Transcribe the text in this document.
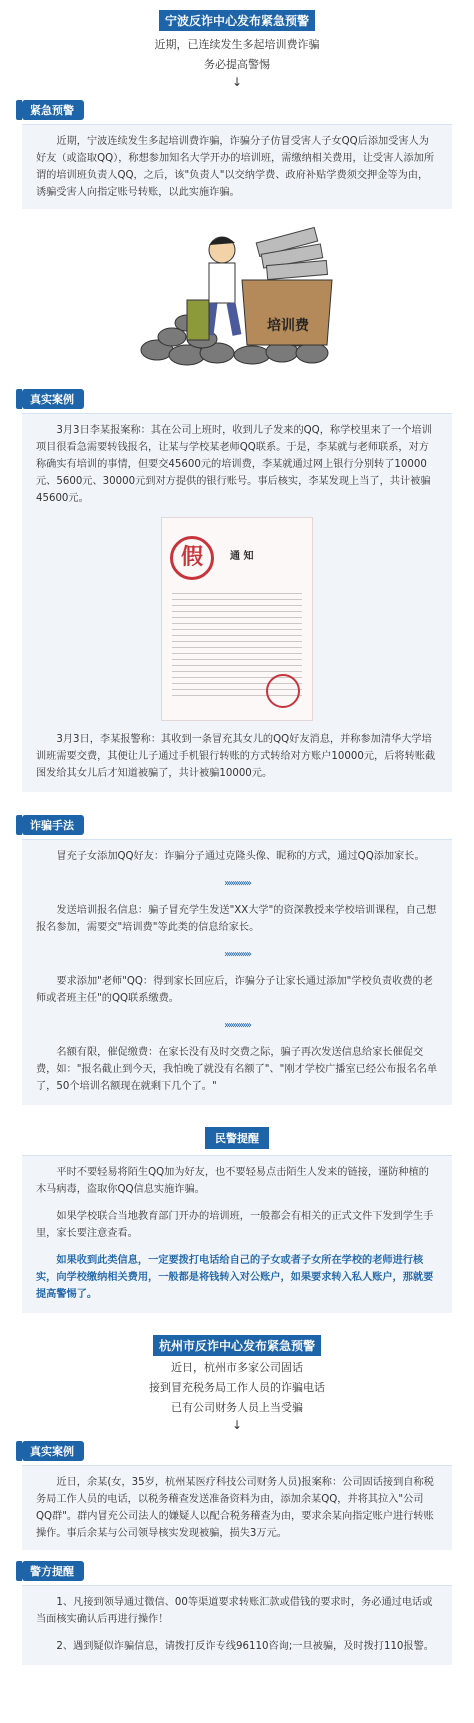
宁波反诈中心发布紧急预警
近期，已连续发生多起培训费诈骗
务必提高警惕
↓
紧急预警

近期，宁波连续发生多起培训费诈骗，诈骗分子仿冒受害人子女QQ后添加受害人为好友（或盗取QQ），称想参加知名大学开办的培训班，需缴纳相关费用，让受害人添加所谓的培训班负责人QQ，之后，该"负责人"以交纳学费、政府补贴学费须交押金等为由，诱骗受害人向指定账号转账，以此实施诈骗。

培训费
真实案例

3月3日李某报案称：其在公司上班时，收到儿子发来的QQ，称学校里来了一个培训项目很看急需要转钱报名，让某与学校某老师QQ联系。于是，李某就与老师联系，对方称确实有培训的事情，但要交45600元的培训费，李某就通过网上银行分别转了10000元、5600元、30000元到对方提供的银行账号。事后核实，李某发现上当了，共计被骗45600元。

假	通 知

3月3日，李某报警称：其收到一条冒充其女儿的QQ好友消息，并称参加清华大学培训班需要交费，其便让儿子通过手机银行转账的方式转给对方账户10000元，后将转账截图发给其女儿后才知道被骗了，共计被骗10000元。

诈骗手法

冒充子女添加QQ好友：诈骗分子通过克隆头像、昵称的方式，通过QQ添加家长。

›››››››››››››

发送培训报名信息：骗子冒充学生发送"XX大学"的资深教授来学校培训课程，自己想报名参加，需要交"培训费"等此类的信息给家长。

›››››››››››››

要求添加"老师"QQ：得到家长回应后，诈骗分子让家长通过添加"学校负责收费的老师或者班主任"的QQ联系缴费。

›››››››››››››

名额有限，催促缴费：在家长没有及时交费之际，骗子再次发送信息给家长催促交费，如："报名截止到今天，我怕晚了就没有名额了"、"刚才学校广播室已经公布报名名单了，50个培训名额现在就剩下几个了。"

民警提醒

平时不要轻易将陌生QQ加为好友，也不要轻易点击陌生人发来的链接，谨防种植的木马病毒，盗取你QQ信息实施诈骗。

如果学校联合当地教育部门开办的培训班，一般都会有相关的正式文件下发到学生手里，家长要注意查看。

如果收到此类信息，一定要拨打电话给自己的子女或者子女所在学校的老师进行核实，向学校缴纳相关费用，一般都是将钱转入对公账户，如果要求转入私人账户，那就要提高警惕了。

杭州市反诈中心发布紧急预警
近日，杭州市多家公司固话
接到冒充税务局工作人员的诈骗电话
已有公司财务人员上当受骗
↓
真实案例

近日，余某(女，35岁，杭州某医疗科技公司财务人员)报案称：公司固话接到自称税务局工作人员的电话，以税务稽查发送准备资料为由，添加余某QQ，并将其拉入"公司QQ群"。群内冒充公司法人的嫌疑人以配合税务稽查为由，要求余某向指定账户进行转账操作。事后余某与公司领导核实发现被骗，损失3万元。

警方提醒

1、凡接到领导通过微信、00等渠道要求转账汇款或借钱的要求时，务必通过电话或当面核实确认后再进行操作！

2、遇到疑似诈骗信息，请拨打反诈专线96110咨询;一旦被骗，及时拨打110报警。
